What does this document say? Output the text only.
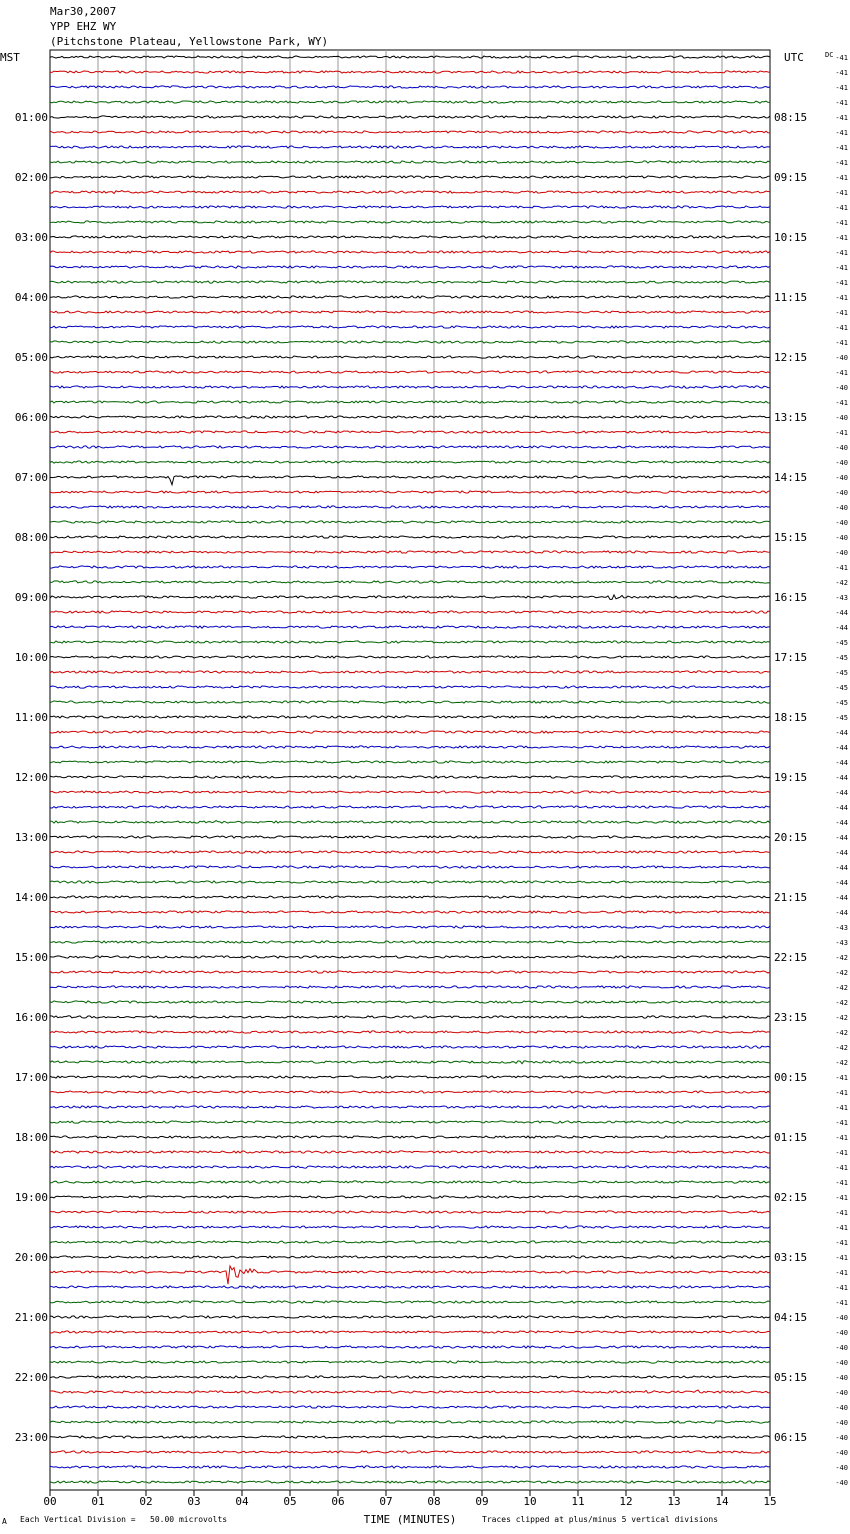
Mar30,2007
YPP EHZ WY
(Pitchstone Plateau, Yellowstone Park, WY)
00	01	02	03	04	05	06	07	08	09	10	11	12	13	14	15
TIME (MINUTES)
MST	UTC	DC -41
-41
-41
-41
-41
01:00	08:15
-41
-41
-41
-41
02:00	09:15
-41
-41
-41
-41
03:00	10:15
-41
-41
-41
-41
04:00	11:15
-41
-41
-41
-40
05:00	12:15
-41
-40
-41
-40
06:00	13:15
-41
-40
-40
-40
07:00	14:15
-40
-40
-40
-40
08:00	15:15
-40
-41
-42
-43
09:00	16:15
-44
-44
-45
-45
10:00	17:15
-45
-45
-45
-45
11:00	18:15
-44
-44
-44
-44
12:00	19:15
-44
-44
-44
-44
13:00	20:15
-44
-44
-44
-44
14:00	21:15
-44
-43
-43
-42
15:00	22:15
-42
-42
-42
-42
16:00	23:15
-42
-42
-42
-41
17:00	00:15
-41
-41
-41
-41
18:00	01:15
-41
-41
-41
-41
19:00	02:15
-41
-41
-41
-41
20:00	03:15
-41
-41
-41
-40
21:00	04:15
-40
-40
-40
-40
22:00	05:15
-40
-40
-40
-40
23:00	06:15
-40
-40
-40
A Each Vertical Division =   50.00 microvolts	Traces clipped at plus/minus 5 vertical divisions
